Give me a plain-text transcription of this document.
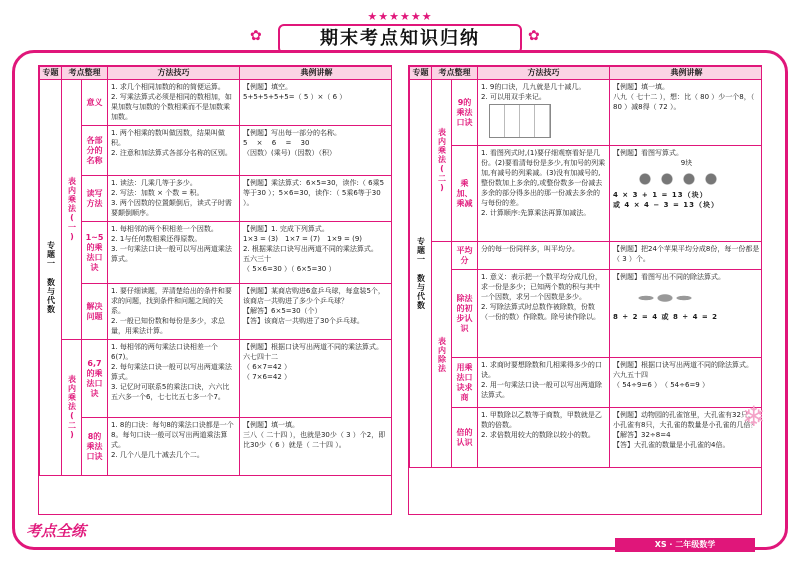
★★★★★★
✿	期末考点知识归纳	✿
专题	考点整理		方法技巧	典例讲解
专题一 数与代数	表内乘法(一)	意义	1. 求几个相同加数的和的简便运算。
2. 写乘法算式必须是相同的数相加，如果加数与加数的个数相乘而不是加数乘加数。	【例题】填空。
5+5+5+5+5=（ 5 ）×（ 6 ）

		各部分的名称	1. 两个相乘的数叫做因数，结果叫做积。
2. 注意和加法算式各部分名称的区别。	【例题】写出每一部分的名称。
5　 × 　6　 = 　30
（因数）(乘号)（因数）（积）

		读写方法	1. 读法：几乘几等于多少。
2. 写法：加数 × 个数 = 积。
3. 两个因数的位置颠倒后，读式子时需要颠倒顺序。	【例题】乘法算式：6×5=30，读作:（ 6乘5等于30 ）；5×6=30，读作：（ 5乘6等于30 ）。

		1~5的乘法口诀	1. 每相邻的两个积相差一个因数。
2. 1与任何数相乘还得原数。
3. 一句乘法口诀一般可以写出两道乘法算式。	【例题】1. 完成下列算式。
1×3 = (3)　1×7 = (7)　1×9 = (9)
2. 根据乘法口诀写出两道不同的乘法算式。
五六三十
（ 5×6=30 ）（ 6×5=30 ）

		解决问题	1. 要仔细读题，弄清楚给出的条件和要求的问题，找到条件和问题之间的关系。
2. 一般已知份数和每份是多少，求总量，用乘法计算。	【例题】某商店购进6盒乒乓球，每盒装5个，该商店一共购进了多少个乒乓球？
【解答】6×5=30（个）
【答】该商店一共购进了30个乒乓球。

	表内乘法(二)	6,7的乘法口诀	1. 每相邻的两句乘法口诀相差一个6(7)。
2. 每句乘法口诀一般可以写出两道乘法算式。
3. 记忆时可联系5的乘法口诀，六六比五六多一个6，七七比五七多一个7。	【例题】根据口诀写出两道不同的乘法算式。
六七四十二
（ 6×7=42 ）
（ 7×6=42 ）

		8的乘法口诀	1. 8的口诀：每句8的乘法口诀都是一个8。每句口诀一般可以写出两道乘法算式。
2. 几个八是几十减去几个二。	【例题】填一填。
三八（ 二十四 ），也就是30少（ 3 ）个2，即比30少（ 6 ）就是（ 二十四 ）。
专题	考点整理		方法技巧	典例讲解
专题一 数与代数	表内乘法(二)	9的乘法口诀	1. 9的口诀，几九就是几十减几。
2. 可以用双手来记。	【例题】填一填。
八九（ 七十二 ），想：比（ 80 ）少一个8，（ 80 ）减8得（ 72 ）。

		乘加、乘减	1. 看图列式时,(1)要仔细观察看好是几份。(2)要看清每份是多少,有加号的列乘加,有减号的列乘减。(3)没有加减号的,整份数加上多余的,或整份数多一份减去多余的部分得多出的那一份减去多余的与每份的差。
2. 计算顺序:先算乘法再算加减法。	【例题】看图写算式。
9块
4 × 3 + 1 = 13（块）
或 4 × 4 − 3 = 13（块）

	表内除法	平均分	分的每一份同样多，叫平均分。	【例题】把24个苹果平均分成8份，每一份都是（ 3 ）个。

		除法的初步认识	1. 意义：表示把一个数平均分成几份，求一份是多少；已知两个数的积与其中一个因数，求另一个因数是多少。
2. 写除法算式时总数作被除数，份数（一份的数）作除数。除号读作除以。	【例题】看图写出不同的除法算式。
8 ÷ 2 = 4 或 8 ÷ 4 = 2

		用乘法口诀求商	1. 求商时要想除数和几相乘得多少的口诀。
2. 用一句乘法口诀一般可以写出两道除法算式。	【例题】根据口诀写出两道不同的除法算式。
六九五十四
（ 54÷9=6 ）　（ 54÷6=9 ）

		倍的认识	1. 甲数除以乙数等于商数，甲数就是乙数的倍数。
2. 求倍数用较大的数除以较小的数。	【例题】动物园的孔雀馆里，大孔雀有32只，小孔雀有8只，大孔雀的数量是小孔雀的几倍？
【解答】32÷8=4
【答】大孔雀的数量是小孔雀的4倍。
考点全练
XS · 二年级数学
❄
